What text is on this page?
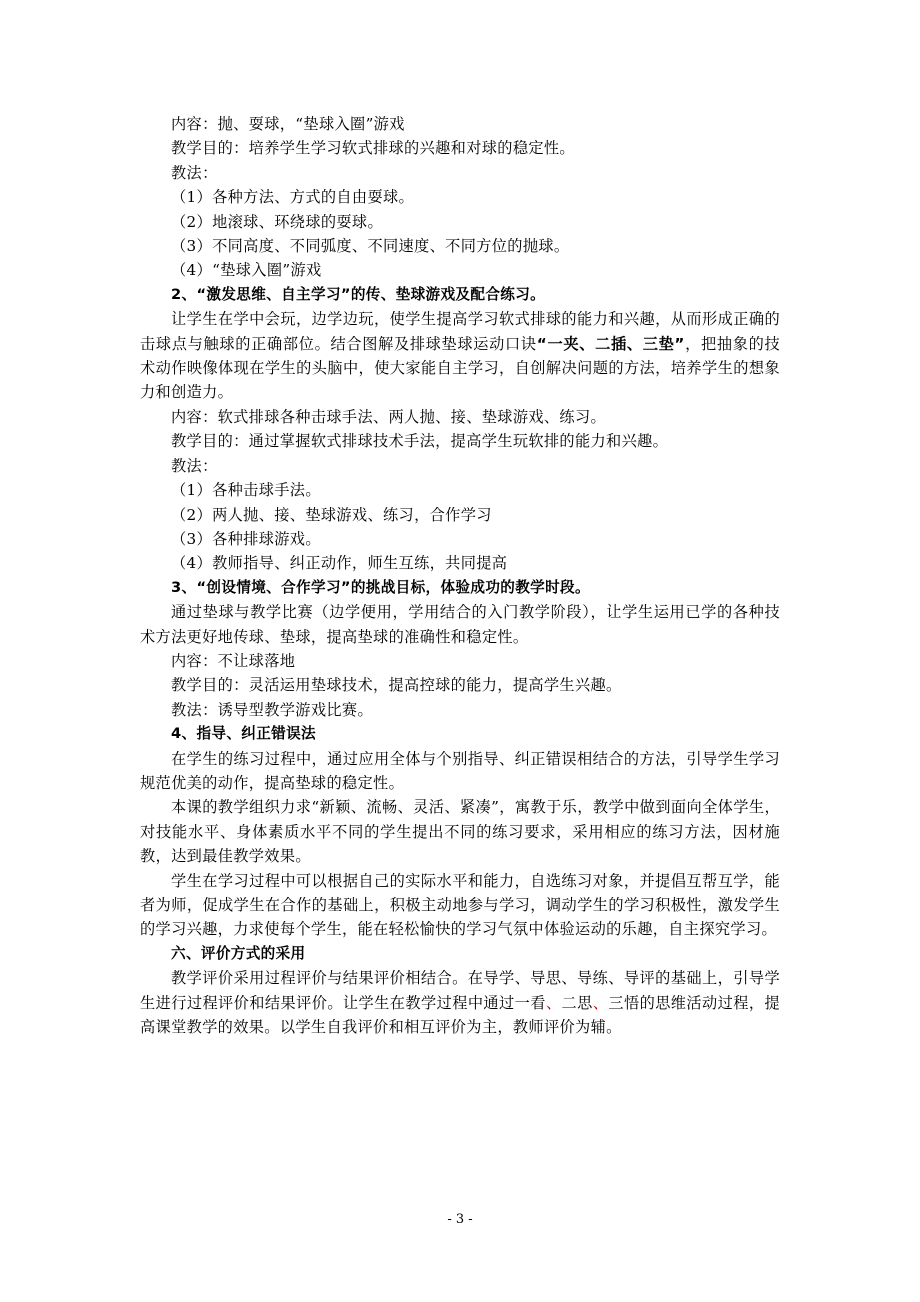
内容：抛、耍球，“垫球入圈”游戏

教学目的：培养学生学习软式排球的兴趣和对球的稳定性。

教法：

（1）各种方法、方式的自由耍球。

（2）地滚球、环绕球的耍球。

（3）不同高度、不同弧度、不同速度、不同方位的抛球。

（4）“垫球入圈”游戏

2、“激发思维、自主学习”的传、垫球游戏及配合练习。

让学生在学中会玩，边学边玩，使学生提高学习软式排球的能力和兴趣，从而形成正确的击球点与触球的正确部位。结合图解及排球垫球运动口诀“一夹、二插、三垫”，把抽象的技术动作映像体现在学生的头脑中，使大家能自主学习，自创解决问题的方法，培养学生的想象力和创造力。

内容：软式排球各种击球手法、两人抛、接、垫球游戏、练习。

教学目的：通过掌握软式排球技术手法，提高学生玩软排的能力和兴趣。

教法：

（1）各种击球手法。

（2）两人抛、接、垫球游戏、练习，合作学习

（3）各种排球游戏。

（4）教师指导、纠正动作，师生互练，共同提高

3、“创设情境、合作学习”的挑战目标，体验成功的教学时段。

通过垫球与教学比赛（边学便用，学用结合的入门教学阶段），让学生运用已学的各种技术方法更好地传球、垫球，提高垫球的准确性和稳定性。

内容：不让球落地

教学目的：灵活运用垫球技术，提高控球的能力，提高学生兴趣。

教法：诱导型教学游戏比赛。

4、指导、纠正错误法

在学生的练习过程中，通过应用全体与个别指导、纠正错误相结合的方法，引导学生学习规范优美的动作，提高垫球的稳定性。

本课的教学组织力求“新颖、流畅、灵活、紧凑”，寓教于乐，教学中做到面向全体学生，对技能水平、身体素质水平不同的学生提出不同的练习要求，采用相应的练习方法，因材施教，达到最佳教学效果。

学生在学习过程中可以根据自己的实际水平和能力，自选练习对象，并提倡互帮互学，能者为师，促成学生在合作的基础上，积极主动地参与学习，调动学生的学习积极性，激发学生的学习兴趣，力求使每个学生，能在轻松愉快的学习气氛中体验运动的乐趣，自主探究学习。

六、评价方式的采用

教学评价采用过程评价与结果评价相结合。在导学、导思、导练、导评的基础上，引导学生进行过程评价和结果评价。让学生在教学过程中通过一看、二思、三悟的思维活动过程，提高课堂教学的效果。以学生自我评价和相互评价为主，教师评价为辅。

- 3 -
